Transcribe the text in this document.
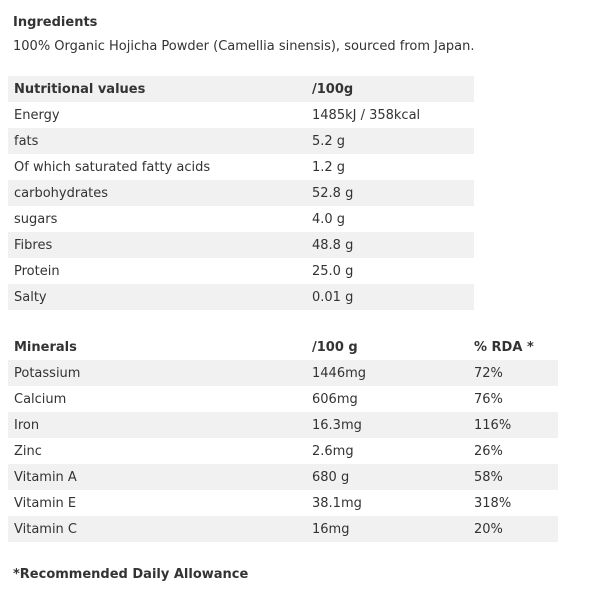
Ingredients
100% Organic Hojicha Powder (Camellia sinensis), sourced from Japan.
Nutritional values	/100g
Energy	1485kJ / 358kcal
fats	5.2 g
Of which saturated fatty acids	1.2 g
carbohydrates	52.8 g
sugars	4.0 g
Fibres	48.8 g
Protein	25.0 g
Salty	0.01 g
Minerals	/100 g	% RDA *
Potassium	1446mg	72%
Calcium	606mg	76%
Iron	16.3mg	116%
Zinc	2.6mg	26%
Vitamin A	680 g	58%
Vitamin E	38.1mg	318%
Vitamin C	16mg	20%
*Recommended Daily Allowance
